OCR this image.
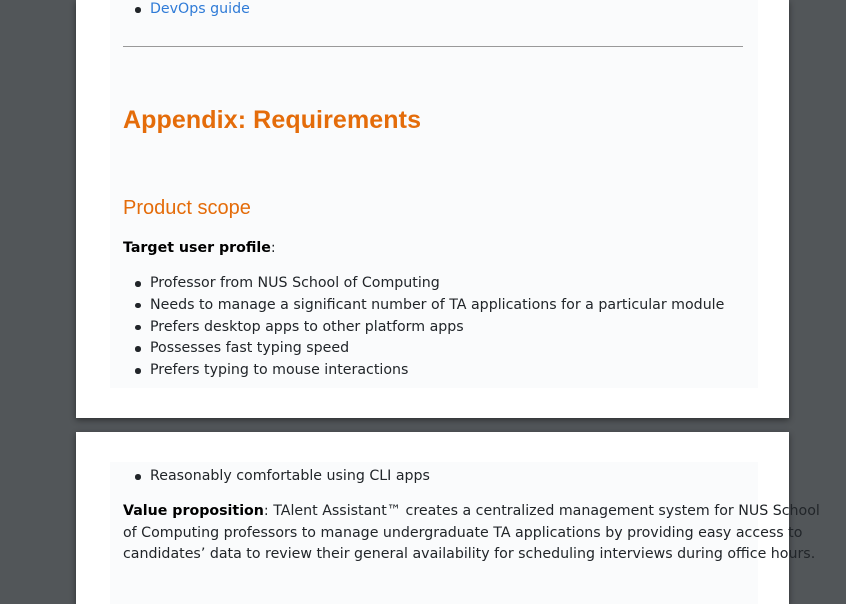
DevOps guide
Appendix: Requirements
Product scope
Target user profile:
Professor from NUS School of Computing
Needs to manage a significant number of TA applications for a particular module
Prefers desktop apps to other platform apps
Possesses fast typing speed
Prefers typing to mouse interactions
Reasonably comfortable using CLI apps
Value proposition: TAlent Assistant™ creates a centralized management system for NUS School
of Computing professors to manage undergraduate TA applications by providing easy access to
candidates’ data to review their general availability for scheduling interviews during office hours.
